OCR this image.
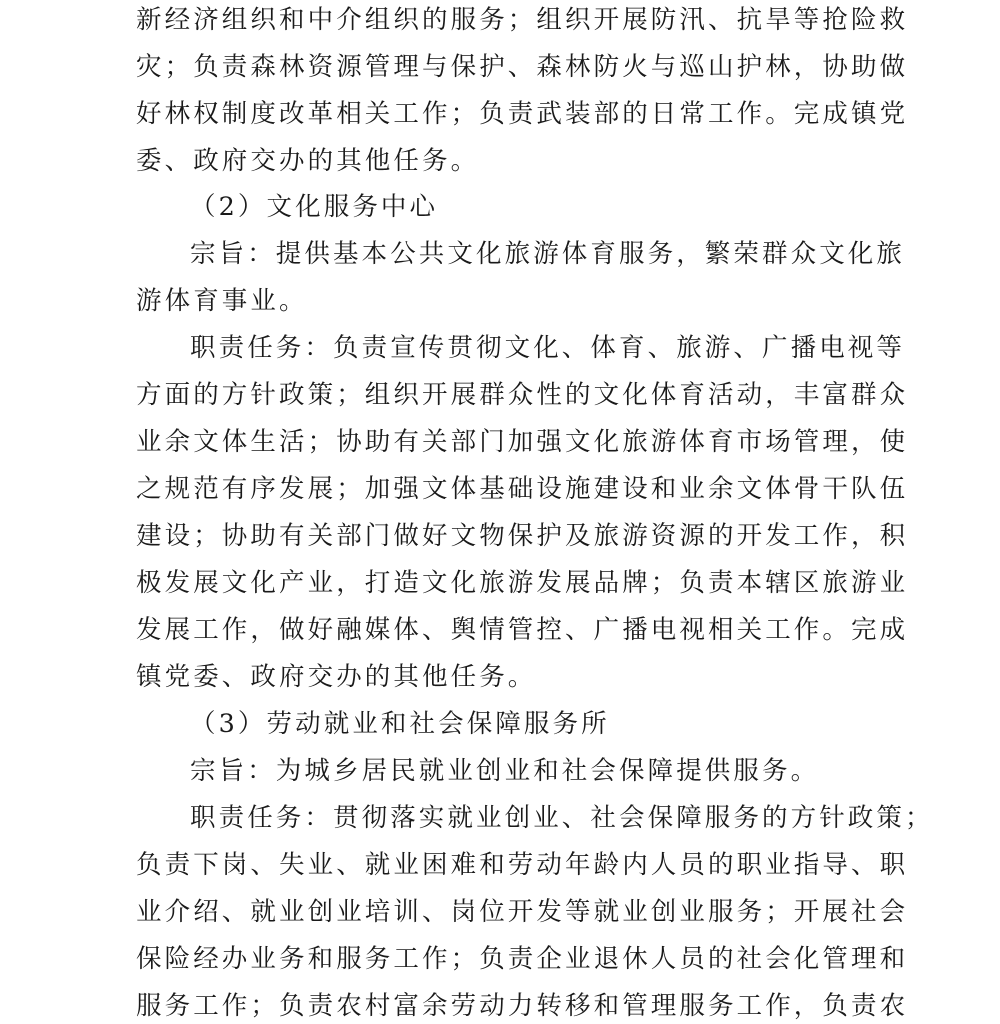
新经济组织和中介组织的服务；组织开展防汛、抗旱等抢险救
灾；负责森林资源管理与保护、森林防火与巡山护林，协助做
好林权制度改革相关工作；负责武装部的日常工作。完成镇党
委、政府交办的其他任务。
（2）文化服务中心
宗旨：提供基本公共文化旅游体育服务，繁荣群众文化旅
游体育事业。
职责任务：负责宣传贯彻文化、体育、旅游、广播电视等
方面的方针政策；组织开展群众性的文化体育活动，丰富群众
业余文体生活；协助有关部门加强文化旅游体育市场管理，使
之规范有序发展；加强文体基础设施建设和业余文体骨干队伍
建设；协助有关部门做好文物保护及旅游资源的开发工作，积
极发展文化产业，打造文化旅游发展品牌；负责本辖区旅游业
发展工作，做好融媒体、舆情管控、广播电视相关工作。完成
镇党委、政府交办的其他任务。
（3）劳动就业和社会保障服务所
宗旨：为城乡居民就业创业和社会保障提供服务。
职责任务：贯彻落实就业创业、社会保障服务的方针政策；
负责下岗、失业、就业困难和劳动年龄内人员的职业指导、职
业介绍、就业创业培训、岗位开发等就业创业服务；开展社会
保险经办业务和服务工作；负责企业退休人员的社会化管理和
服务工作；负责农村富余劳动力转移和管理服务工作，负责农
